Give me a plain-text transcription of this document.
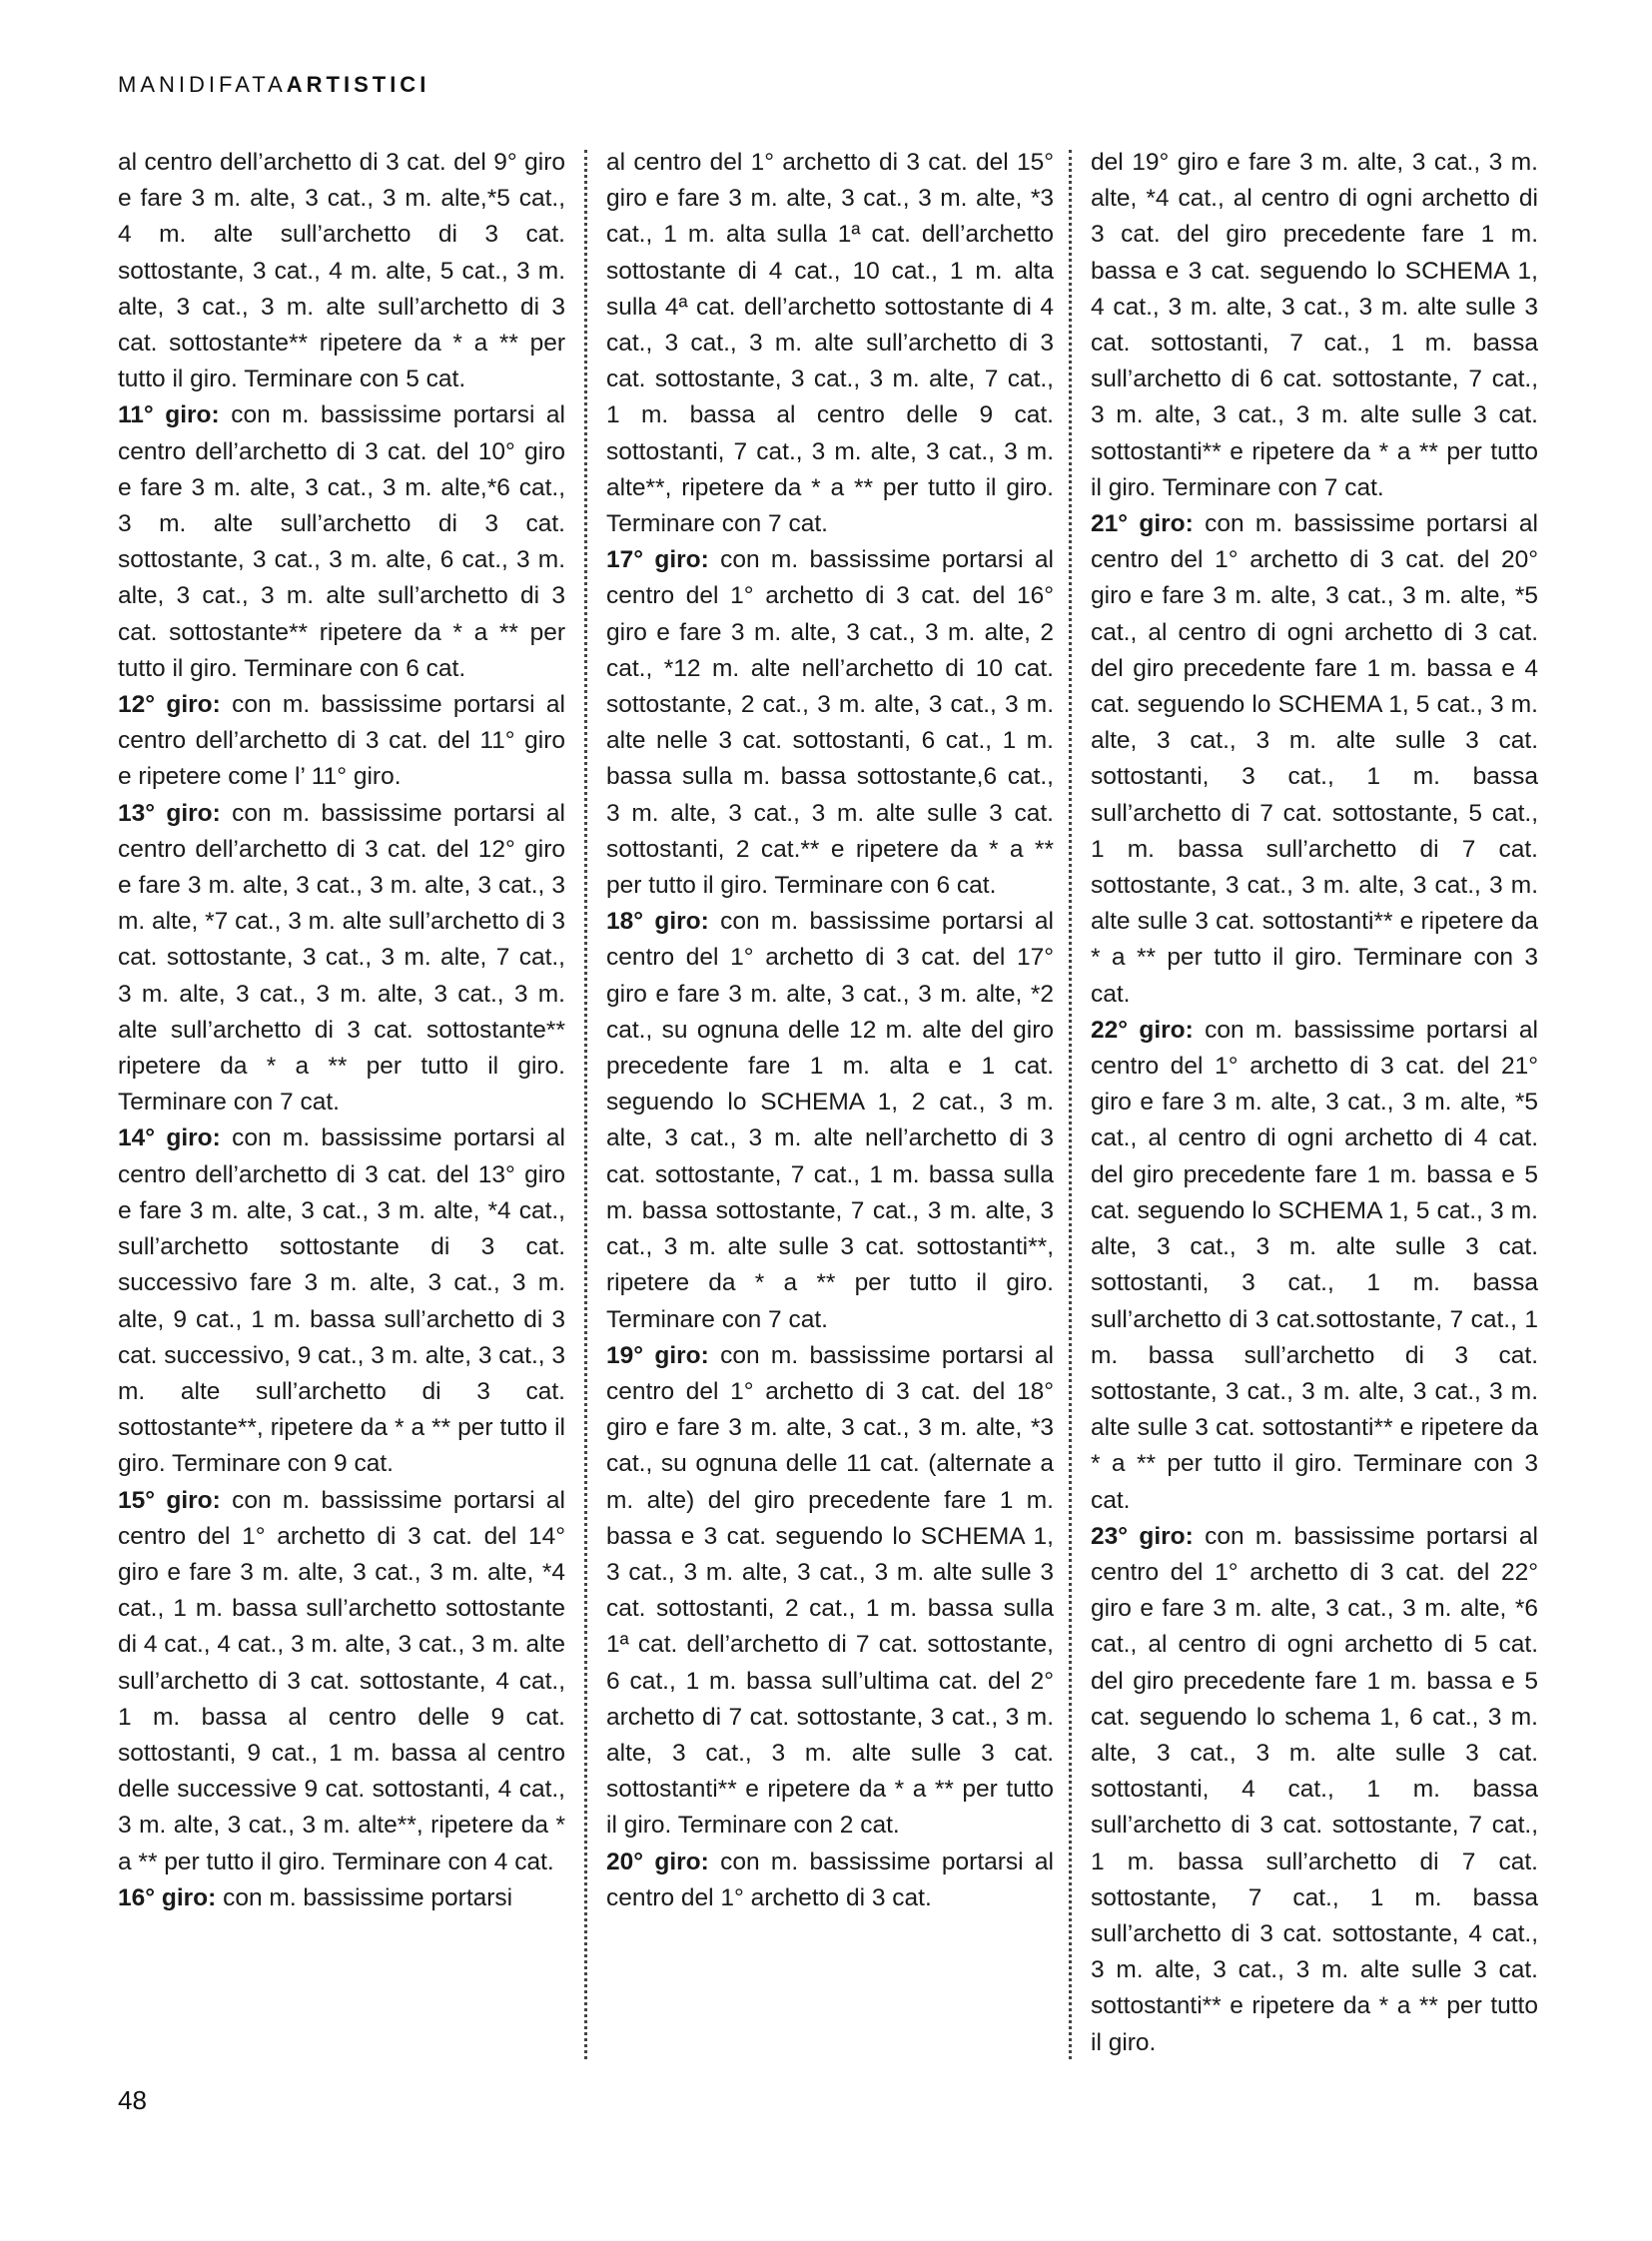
MANIDIFATAARTISTICI

al centro dell’archetto di 3 cat. del 9° giro e fare 3 m. alte, 3 cat., 3 m. alte,*5 cat., 4 m. alte sull’archetto di 3 cat. sottostante, 3 cat., 4 m. alte, 5 cat., 3 m. alte, 3 cat., 3 m. alte sull’archetto di 3 cat. sottostante** ripetere da * a ** per tutto il giro. Terminare con 5 cat.

11° giro: con m. bassissime portarsi al centro dell’archetto di 3 cat. del 10° giro e fare 3 m. alte, 3 cat., 3 m. alte,*6 cat., 3 m. alte sull’archetto di 3 cat. sottostante, 3 cat., 3 m. alte, 6 cat., 3 m. alte, 3 cat., 3 m. alte sull’archetto di 3 cat. sottostante** ripetere da * a ** per tutto il giro. Terminare con 6 cat.

12° giro: con m. bassissime portarsi al centro dell’archetto di 3 cat. del 11° giro e ripetere come l’ 11° giro.

13° giro: con m. bassissime portarsi al centro dell’archetto di 3 cat. del 12° giro e fare 3 m. alte, 3 cat., 3 m. alte, 3 cat., 3 m. alte, *7 cat., 3 m. alte sull’archetto di 3 cat. sottostante, 3 cat., 3 m. alte, 7 cat., 3 m. alte, 3 cat., 3 m. alte, 3 cat., 3 m. alte sull’archetto di 3 cat. sottostante** ripetere da * a ** per tutto il giro. Terminare con 7 cat.

14° giro: con m. bassissime portarsi al centro dell’archetto di 3 cat. del 13° giro e fare 3 m. alte, 3 cat., 3 m. alte, *4 cat., sull’archetto sottostante di 3 cat. successivo fare 3 m. alte, 3 cat., 3 m. alte, 9 cat., 1 m. bassa sull’archetto di 3 cat. successivo, 9 cat., 3 m. alte, 3 cat., 3 m. alte sull’archetto di 3 cat. sottostante**, ripetere da * a ** per tutto il giro. Terminare con 9 cat.

15° giro: con m. bassissime portarsi al centro del 1° archetto di 3 cat. del 14° giro e fare 3 m. alte, 3 cat., 3 m. alte, *4 cat., 1 m. bassa sull’archetto sottostante di 4 cat., 4 cat., 3 m. alte, 3 cat., 3 m. alte sull’archetto di 3 cat. sottostante, 4 cat., 1 m. bassa al centro delle 9 cat. sottostanti, 9 cat., 1 m. bassa al centro delle successive 9 cat. sottostanti, 4 cat., 3 m. alte, 3 cat., 3 m. alte**, ripetere da * a ** per tutto il giro. Terminare con 4 cat.

16° giro: con m. bassissime portarsi

al centro del 1° archetto di 3 cat. del 15° giro e fare 3 m. alte, 3 cat., 3 m. alte, *3 cat., 1 m. alta sulla 1ª cat. dell’archetto sottostante di 4 cat., 10 cat., 1 m. alta sulla 4ª cat. dell’archetto sottostante di 4 cat., 3 cat., 3 m. alte sull’archetto di 3 cat. sottostante, 3 cat., 3 m. alte, 7 cat., 1 m. bassa al centro delle 9 cat. sottostanti, 7 cat., 3 m. alte, 3 cat., 3 m. alte**, ripetere da * a ** per tutto il giro. Terminare con 7 cat.

17° giro: con m. bassissime portarsi al centro del 1° archetto di 3 cat. del 16° giro e fare 3 m. alte, 3 cat., 3 m. alte, 2 cat., *12 m. alte nell’archetto di 10 cat. sottostante, 2 cat., 3 m. alte, 3 cat., 3 m. alte nelle 3 cat. sottostanti, 6 cat., 1 m. bassa sulla m. bassa sottostante,6 cat., 3 m. alte, 3 cat., 3 m. alte sulle 3 cat. sottostanti, 2 cat.** e ripetere da * a ** per tutto il giro. Terminare con 6 cat.

18° giro: con m. bassissime portarsi al centro del 1° archetto di 3 cat. del 17° giro e fare 3 m. alte, 3 cat., 3 m. alte, *2 cat., su ognuna delle 12 m. alte del giro precedente fare 1 m. alta e 1 cat. seguendo lo SCHEMA 1, 2 cat., 3 m. alte, 3 cat., 3 m. alte nell’archetto di 3 cat. sottostante, 7 cat., 1 m. bassa sulla m. bassa sottostante, 7 cat., 3 m. alte, 3 cat., 3 m. alte sulle 3 cat. sottostanti**, ripetere da * a ** per tutto il giro. Terminare con 7 cat.

19° giro: con m. bassissime portarsi al centro del 1° archetto di 3 cat. del 18° giro e fare 3 m. alte, 3 cat., 3 m. alte, *3 cat., su ognuna delle 11 cat. (alternate a m. alte) del giro precedente fare 1 m. bassa e 3 cat. seguendo lo SCHEMA 1, 3 cat., 3 m. alte, 3 cat., 3 m. alte sulle 3 cat. sottostanti, 2 cat., 1 m. bassa sulla 1ª cat. dell’archetto di 7 cat. sottostante, 6 cat., 1 m. bassa sull’ultima cat. del 2° archetto di 7 cat. sottostante, 3 cat., 3 m. alte, 3 cat., 3 m. alte sulle 3 cat. sottostanti** e ripetere da * a ** per tutto il giro. Terminare con 2 cat.

20° giro: con m. bassissime portarsi al centro del 1° archetto di 3 cat.

del 19° giro e fare 3 m. alte, 3 cat., 3 m. alte, *4 cat., al centro di ogni archetto di 3 cat. del giro precedente fare 1 m. bassa e 3 cat. seguendo lo SCHEMA 1, 4 cat., 3 m. alte, 3 cat., 3 m. alte sulle 3 cat. sottostanti, 7 cat., 1 m. bassa sull’archetto di 6 cat. sottostante, 7 cat., 3 m. alte, 3 cat., 3 m. alte sulle 3 cat. sottostanti** e ripetere da * a ** per tutto il giro. Terminare con 7 cat.

21° giro: con m. bassissime portarsi al centro del 1° archetto di 3 cat. del 20° giro e fare 3 m. alte, 3 cat., 3 m. alte, *5 cat., al centro di ogni archetto di 3 cat. del giro precedente fare 1 m. bassa e 4 cat. seguendo lo SCHEMA 1, 5 cat., 3 m. alte, 3 cat., 3 m. alte sulle 3 cat. sottostanti, 3 cat., 1 m. bassa sull’archetto di 7 cat. sottostante, 5 cat., 1 m. bassa sull’archetto di 7 cat. sottostante, 3 cat., 3 m. alte, 3 cat., 3 m. alte sulle 3 cat. sottostanti** e ripetere da * a ** per tutto il giro. Terminare con 3 cat.

22° giro: con m. bassissime portarsi al centro del 1° archetto di 3 cat. del 21° giro e fare 3 m. alte, 3 cat., 3 m. alte, *5 cat., al centro di ogni archetto di 4 cat. del giro precedente fare 1 m. bassa e 5 cat. seguendo lo SCHEMA 1, 5 cat., 3 m. alte, 3 cat., 3 m. alte sulle 3 cat. sottostanti, 3 cat., 1 m. bassa sull’archetto di 3 cat.sottostante, 7 cat., 1 m. bassa sull’archetto di 3 cat. sottostante, 3 cat., 3 m. alte, 3 cat., 3 m. alte sulle 3 cat. sottostanti** e ripetere da * a ** per tutto il giro. Terminare con 3 cat.

23° giro: con m. bassissime portarsi al centro del 1° archetto di 3 cat. del 22° giro e fare 3 m. alte, 3 cat., 3 m. alte, *6 cat., al centro di ogni archetto di 5 cat. del giro precedente fare 1 m. bassa e 5 cat. seguendo lo schema 1, 6 cat., 3 m. alte, 3 cat., 3 m. alte sulle 3 cat. sottostanti, 4 cat., 1 m. bassa sull’archetto di 3 cat. sottostante, 7 cat., 1 m. bassa sull’archetto di 7 cat. sottostante, 7 cat., 1 m. bassa sull’archetto di 3 cat. sottostante, 4 cat., 3 m. alte, 3 cat., 3 m. alte sulle 3 cat. sottostanti** e ripetere da * a ** per tutto il giro.

48
